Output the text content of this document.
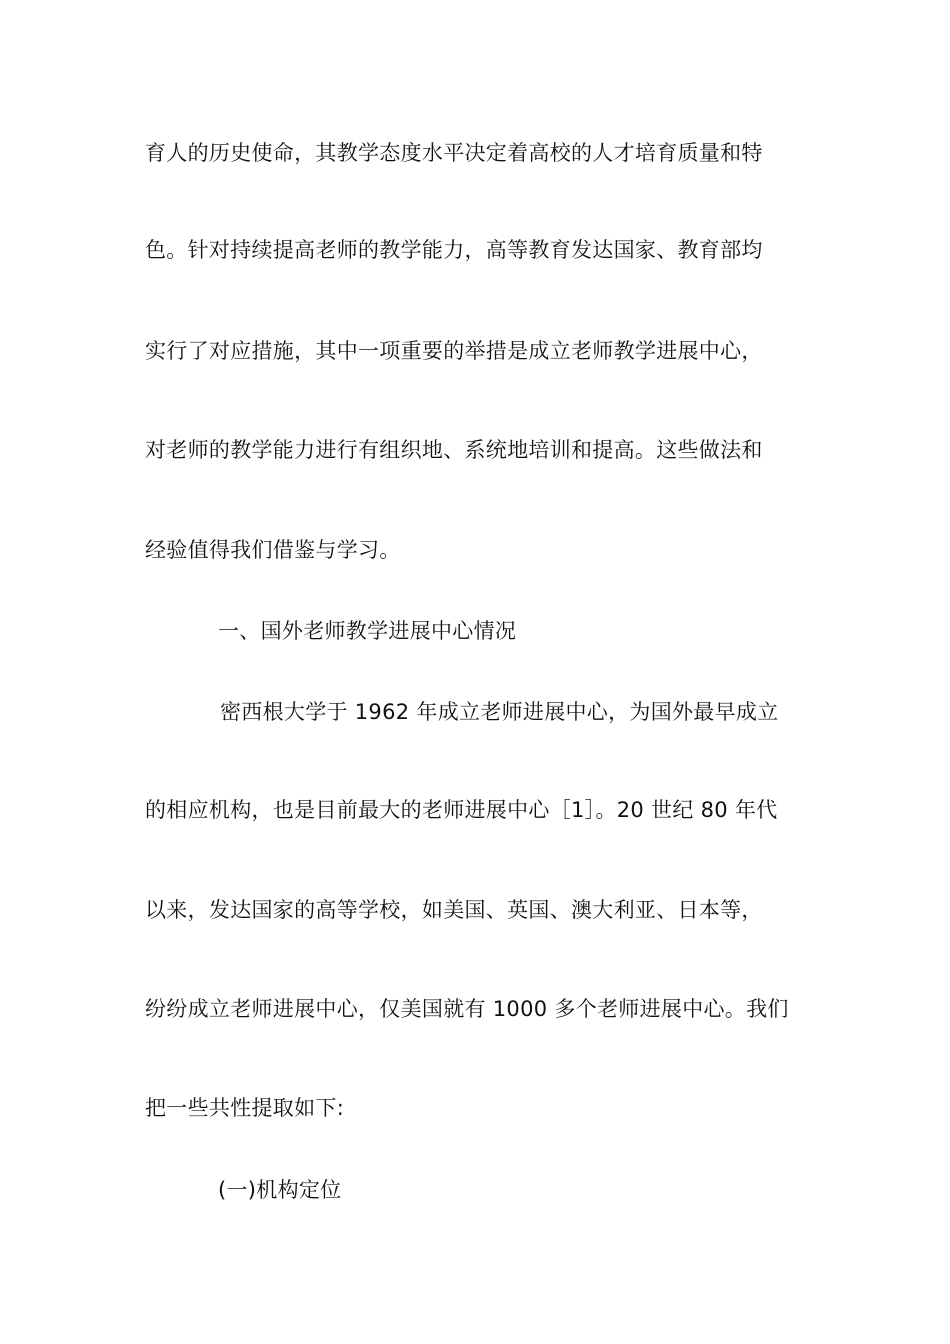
育人的历史使命，其教学态度水平决定着高校的人才培育质量和特
色。针对持续提高老师的教学能力，高等教育发达国家、教育部均
实行了对应措施，其中一项重要的举措是成立老师教学进展中心，
对老师的教学能力进行有组织地、系统地培训和提高。这些做法和
经验值得我们借鉴与学习。
一、国外老师教学进展中心情况
密西根大学于 1962 年成立老师进展中心，为国外最早成立
的相应机构，也是目前最大的老师进展中心［1］。20 世纪 80 年代
以来，发达国家的高等学校，如美国、英国、澳大利亚、日本等，
纷纷成立老师进展中心，仅美国就有 1000 多个老师进展中心。我们
把一些共性提取如下:
(一)机构定位
